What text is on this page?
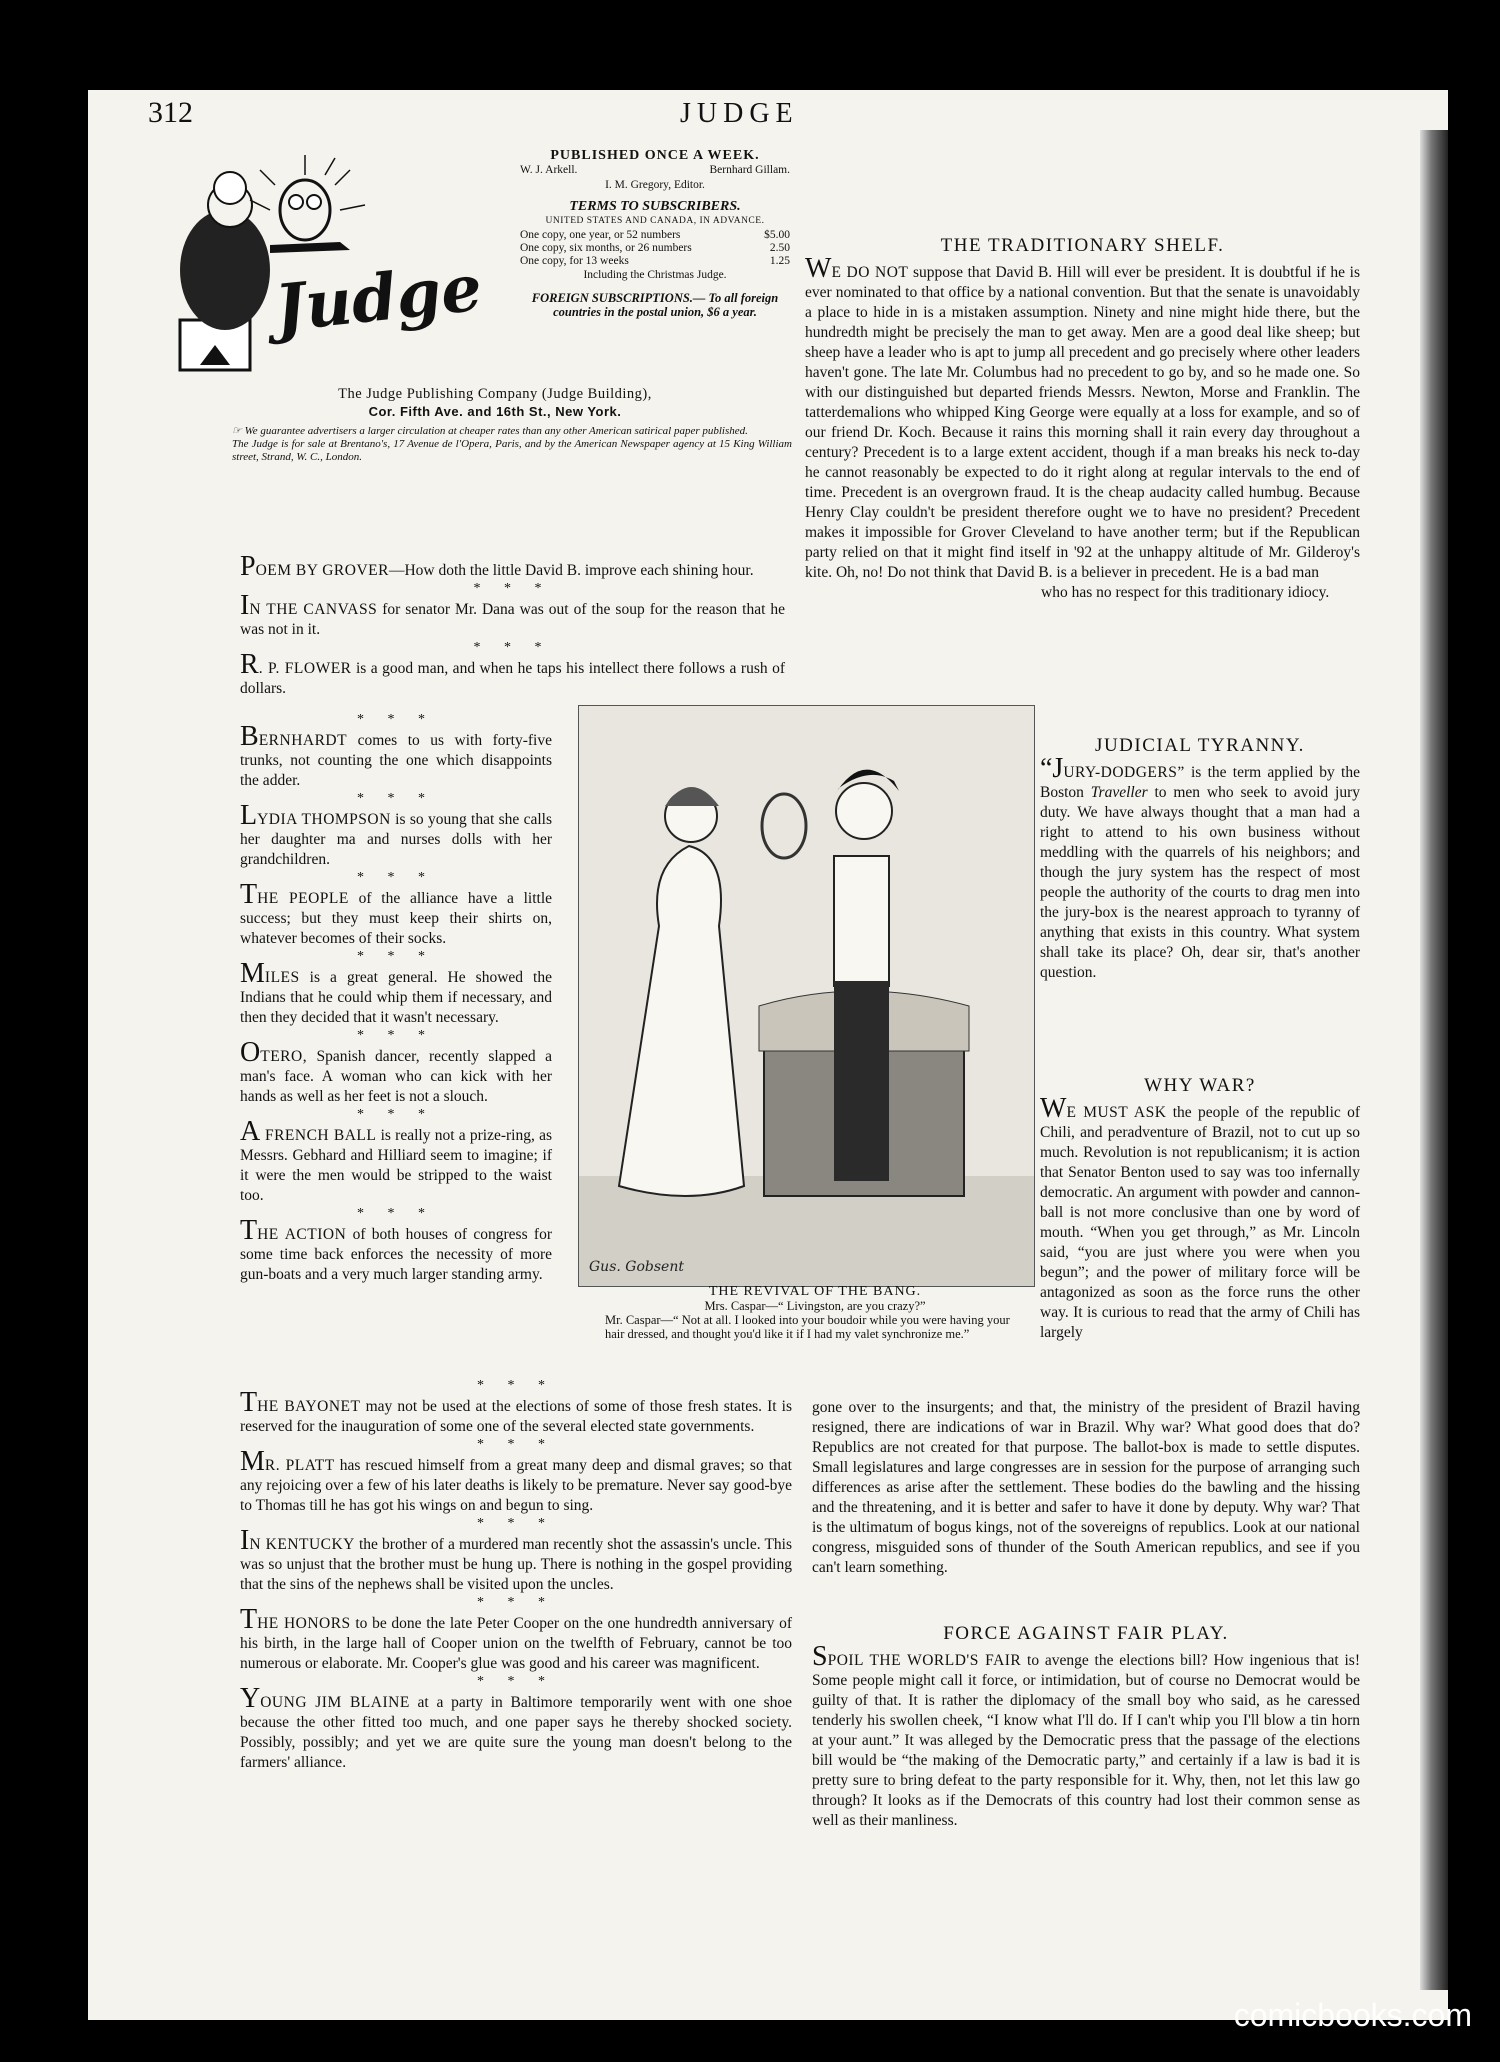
312	JUDGE
Judge
PUBLISHED ONCE A WEEK.
W. J. Arkell.	Bernhard Gillam.
I. M. Gregory, Editor.
TERMS TO SUBSCRIBERS.
UNITED STATES AND CANADA, IN ADVANCE.
One copy, one year, or 52 numbers	$5.00
One copy, six months, or 26 numbers	2.50
One copy, for 13 weeks	1.25
Including the Christmas Judge.
FOREIGN SUBSCRIPTIONS.— To all foreign countries in the postal union, $6 a year.
The Judge Publishing Company (Judge Building),
Cor. Fifth Ave. and 16th St., New York.
☞ We guarantee advertisers a larger circulation at cheaper rates than any other American satirical paper published.
The Judge is for sale at Brentano's, 17 Avenue de l'Opera, Paris, and by the American Newspaper agency at 15 King William street, Strand, W. C., London.

POEM BY GROVER—How doth the little David B. improve each shining hour.

* * *

IN THE CANVASS for senator Mr. Dana was out of the soup for the reason that he was not in it.

* * *

R. P. FLOWER is a good man, and when he taps his intellect there follows a rush of dollars.

* * *

BERNHARDT comes to us with forty-five trunks, not counting the one which disappoints the adder.

* * *

LYDIA THOMPSON is so young that she calls her daughter ma and nurses dolls with her grandchildren.

* * *

THE PEOPLE of the alliance have a little success; but they must keep their shirts on, whatever becomes of their socks.

* * *

MILES is a great general. He showed the Indians that he could whip them if necessary, and then they decided that it wasn't necessary.

* * *

OTERO, Spanish dancer, recently slapped a man's face. A woman who can kick with her hands as well as her feet is not a slouch.

* * *

A FRENCH BALL is really not a prize-ring, as Messrs. Gebhard and Hilliard seem to imagine; if it were the men would be stripped to the waist too.

* * *

THE ACTION of both houses of congress for some time back enforces the necessity of more gun-boats and a very much larger standing army.

* * *

THE BAYONET may not be used at the elections of some of those fresh states. It is reserved for the inauguration of some one of the several elected state governments.

* * *

MR. PLATT has rescued himself from a great many deep and dismal graves; so that any rejoicing over a few of his later deaths is likely to be premature. Never say good-bye to Thomas till he has got his wings on and begun to sing.

* * *

IN KENTUCKY the brother of a murdered man recently shot the assassin's uncle. This was so unjust that the brother must be hung up. There is nothing in the gospel providing that the sins of the nephews shall be visited upon the uncles.

* * *

THE HONORS to be done the late Peter Cooper on the one hundredth anniversary of his birth, in the large hall of Cooper union on the twelfth of February, cannot be too numerous or elaborate. Mr. Cooper's glue was good and his career was magnificent.

* * *

YOUNG JIM BLAINE at a party in Baltimore temporarily went with one shoe because the other fitted too much, and one paper says he thereby shocked society. Possibly, possibly; and yet we are quite sure the young man doesn't belong to the farmers' alliance.

THE TRADITIONARY SHELF.

WE DO NOT suppose that David B. Hill will ever be president. It is doubtful if he is ever nominated to that office by a national convention. But that the senate is unavoidably a place to hide in is a mistaken assumption. Ninety and nine might hide there, but the hundredth might be precisely the man to get away. Men are a good deal like sheep; but sheep have a leader who is apt to jump all precedent and go precisely where other leaders haven't gone. The late Mr. Columbus had no precedent to go by, and so he made one. So with our distinguished but departed friends Messrs. Newton, Morse and Franklin. The tatterdemalions who whipped King George were equally at a loss for example, and so of our friend Dr. Koch. Because it rains this morning shall it rain every day throughout a century? Precedent is to a large extent accident, though if a man breaks his neck to-day he cannot reasonably be expected to do it right along at regular intervals to the end of time. Precedent is an overgrown fraud. It is the cheap audacity called humbug. Because Henry Clay couldn't be president therefore ought we to have no president? Precedent makes it impossible for Grover Cleveland to have another term; but if the Republican party relied on that it might find itself in '92 at the unhappy altitude of Mr. Gilderoy's kite. Oh, no! Do not think that David B. is a believer in precedent. He is a bad man

who has no respect for this traditionary idiocy.

JUDICIAL TYRANNY.

“JURY-DODGERS” is the term applied by the Boston Traveller to men who seek to avoid jury duty. We have always thought that a man had a right to attend to his own business without meddling with the quarrels of his neighbors; and though the jury system has the respect of most people the authority of the courts to drag men into the jury-box is the nearest approach to tyranny of anything that exists in this country. What system shall take its place? Oh, dear sir, that's another question.

WHY WAR?

WE MUST ASK the people of the republic of Chili, and peradventure of Brazil, not to cut up so much. Revolution is not republicanism; it is action that Senator Benton used to say was too infernally democratic. An argument with powder and cannon-ball is not more conclusive than one by word of mouth. “When you get through,” as Mr. Lincoln said, “you are just where you were when you begun”; and the power of military force will be antagonized as soon as the force runs the other way. It is curious to read that the army of Chili has largely

gone over to the insurgents; and that, the ministry of the president of Brazil having resigned, there are indications of war in Brazil. Why war? What good does that do? Republics are not created for that purpose. The ballot-box is made to settle disputes. Small legislatures and large congresses are in session for the purpose of arranging such differences as arise after the settlement. These bodies do the bawling and the hissing and the threatening, and it is better and safer to have it done by deputy. Why war? That is the ultimatum of bogus kings, not of the sovereigns of republics. Look at our national congress, misguided sons of thunder of the South American republics, and see if you can't learn something.

FORCE AGAINST FAIR PLAY.

SPOIL THE WORLD'S FAIR to avenge the elections bill? How ingenious that is! Some people might call it force, or intimidation, but of course no Democrat would be guilty of that. It is rather the diplomacy of the small boy who said, as he caressed tenderly his swollen cheek, “I know what I'll do. If I can't whip you I'll blow a tin horn at your aunt.” It was alleged by the Democratic press that the passage of the elections bill would be “the making of the Democratic party,” and certainly if a law is bad it is pretty sure to bring defeat to the party responsible for it. Why, then, not let this law go through? It looks as if the Democrats of this country had lost their common sense as well as their manliness.

Gus. Gobsent
THE REVIVAL OF THE BANG.
Mrs. Caspar—“ Livingston, are you crazy?”
Mr. Caspar—“ Not at all. I looked into your boudoir while you were having your hair dressed, and thought you'd like it if I had my valet synchronize me.”
comicbooks.com
